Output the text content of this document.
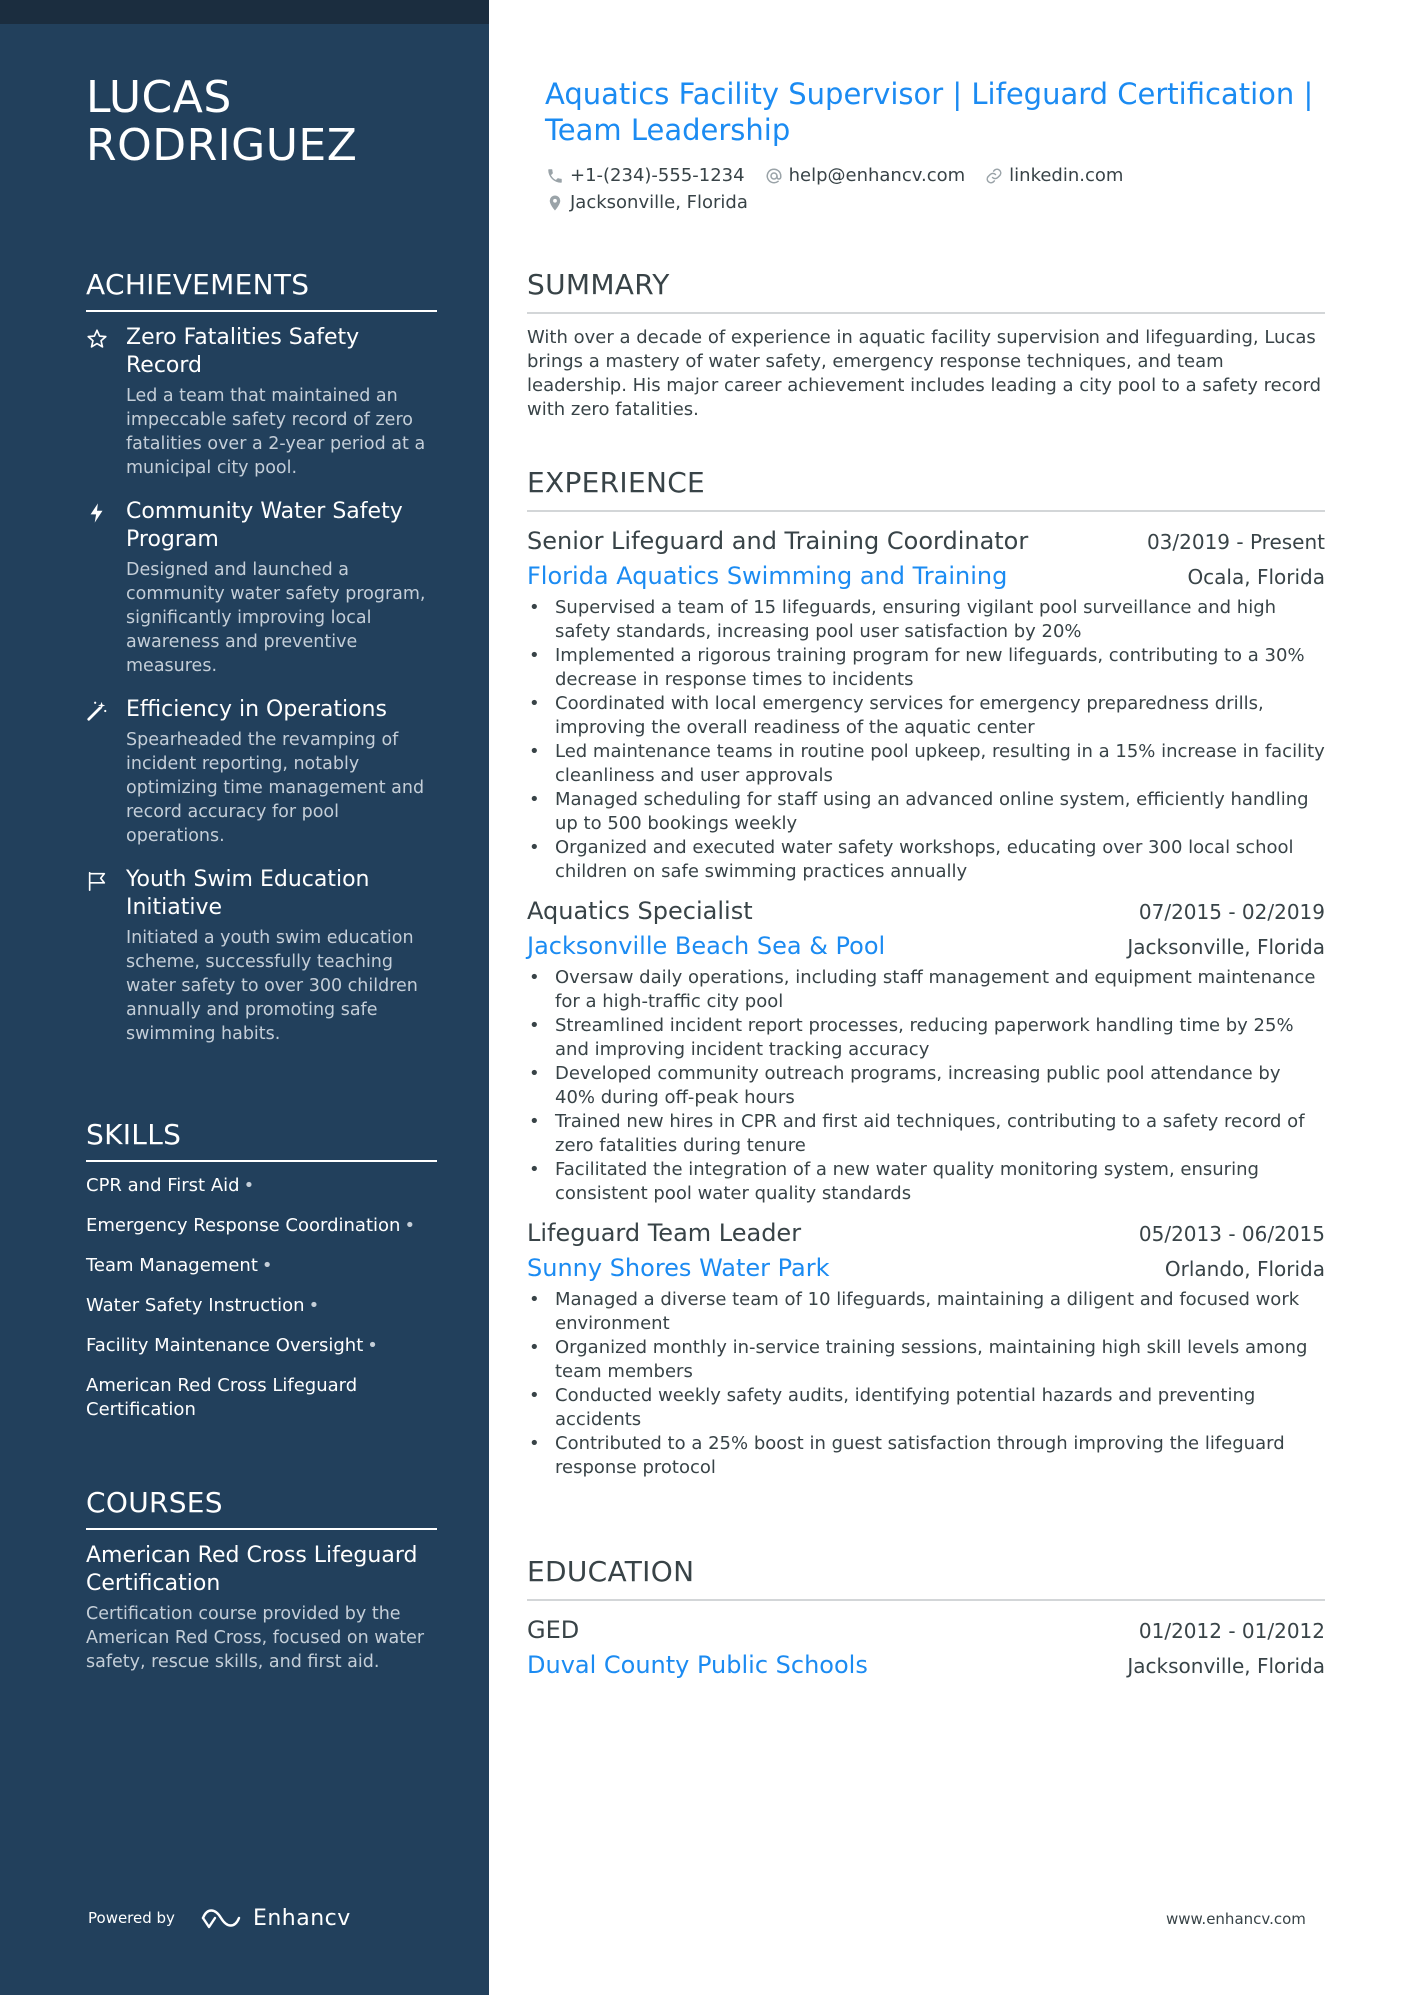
LUCAS
RODRIGUEZ
ACHIEVEMENTS
Zero Fatalities Safety Record
Led a team that maintained an impeccable safety record of zero fatalities over a 2-year period at a municipal city pool.
Community Water Safety Program
Designed and launched a community water safety program, significantly improving local awareness and preventive measures.
Efficiency in Operations
Spearheaded the revamping of incident reporting, notably optimizing time management and record accuracy for pool operations.
Youth Swim Education Initiative
Initiated a youth swim education scheme, successfully teaching water safety to over 300 children annually and promoting safe swimming habits.
SKILLS
CPR and First Aid •
Emergency Response Coordination •
Team Management •
Water Safety Instruction •
Facility Maintenance Oversight •
American Red Cross Lifeguard Certification
COURSES
American Red Cross Lifeguard Certification
Certification course provided by the American Red Cross, focused on water safety, rescue skills, and first aid.
Powered by	Enhancv
Aquatics Facility Supervisor | Lifeguard Certification | Team Leadership
+1-(234)-555-1234 help@enhancv.com linkedin.com
Jacksonville, Florida
SUMMARY
With over a decade of experience in aquatic facility supervision and lifeguarding, Lucas brings a mastery of water safety, emergency response techniques, and team leadership. His major career achievement includes leading a city pool to a safety record with zero fatalities.
EXPERIENCE
Senior Lifeguard and Training Coordinator	03/2019 - Present
Florida Aquatics Swimming and Training	Ocala, Florida
• Supervised a team of 15 lifeguards, ensuring vigilant pool surveillance and high safety standards, increasing pool user satisfaction by 20%
• Implemented a rigorous training program for new lifeguards, contributing to a 30% decrease in response times to incidents
• Coordinated with local emergency services for emergency preparedness drills, improving the overall readiness of the aquatic center
• Led maintenance teams in routine pool upkeep, resulting in a 15% increase in facility cleanliness and user approvals
• Managed scheduling for staff using an advanced online system, efficiently handling up to 500 bookings weekly
• Organized and executed water safety workshops, educating over 300 local school children on safe swimming practices annually
Aquatics Specialist	07/2015 - 02/2019
Jacksonville Beach Sea & Pool	Jacksonville, Florida
• Oversaw daily operations, including staff management and equipment maintenance for a high-traffic city pool
• Streamlined incident report processes, reducing paperwork handling time by 25% and improving incident tracking accuracy
• Developed community outreach programs, increasing public pool attendance by 40% during off-peak hours
• Trained new hires in CPR and first aid techniques, contributing to a safety record of zero fatalities during tenure
• Facilitated the integration of a new water quality monitoring system, ensuring consistent pool water quality standards
Lifeguard Team Leader	05/2013 - 06/2015
Sunny Shores Water Park	Orlando, Florida
• Managed a diverse team of 10 lifeguards, maintaining a diligent and focused work environment
• Organized monthly in-service training sessions, maintaining high skill levels among team members
• Conducted weekly safety audits, identifying potential hazards and preventing accidents
• Contributed to a 25% boost in guest satisfaction through improving the lifeguard response protocol
EDUCATION
GED	01/2012 - 01/2012
Duval County Public Schools	Jacksonville, Florida
www.enhancv.com
